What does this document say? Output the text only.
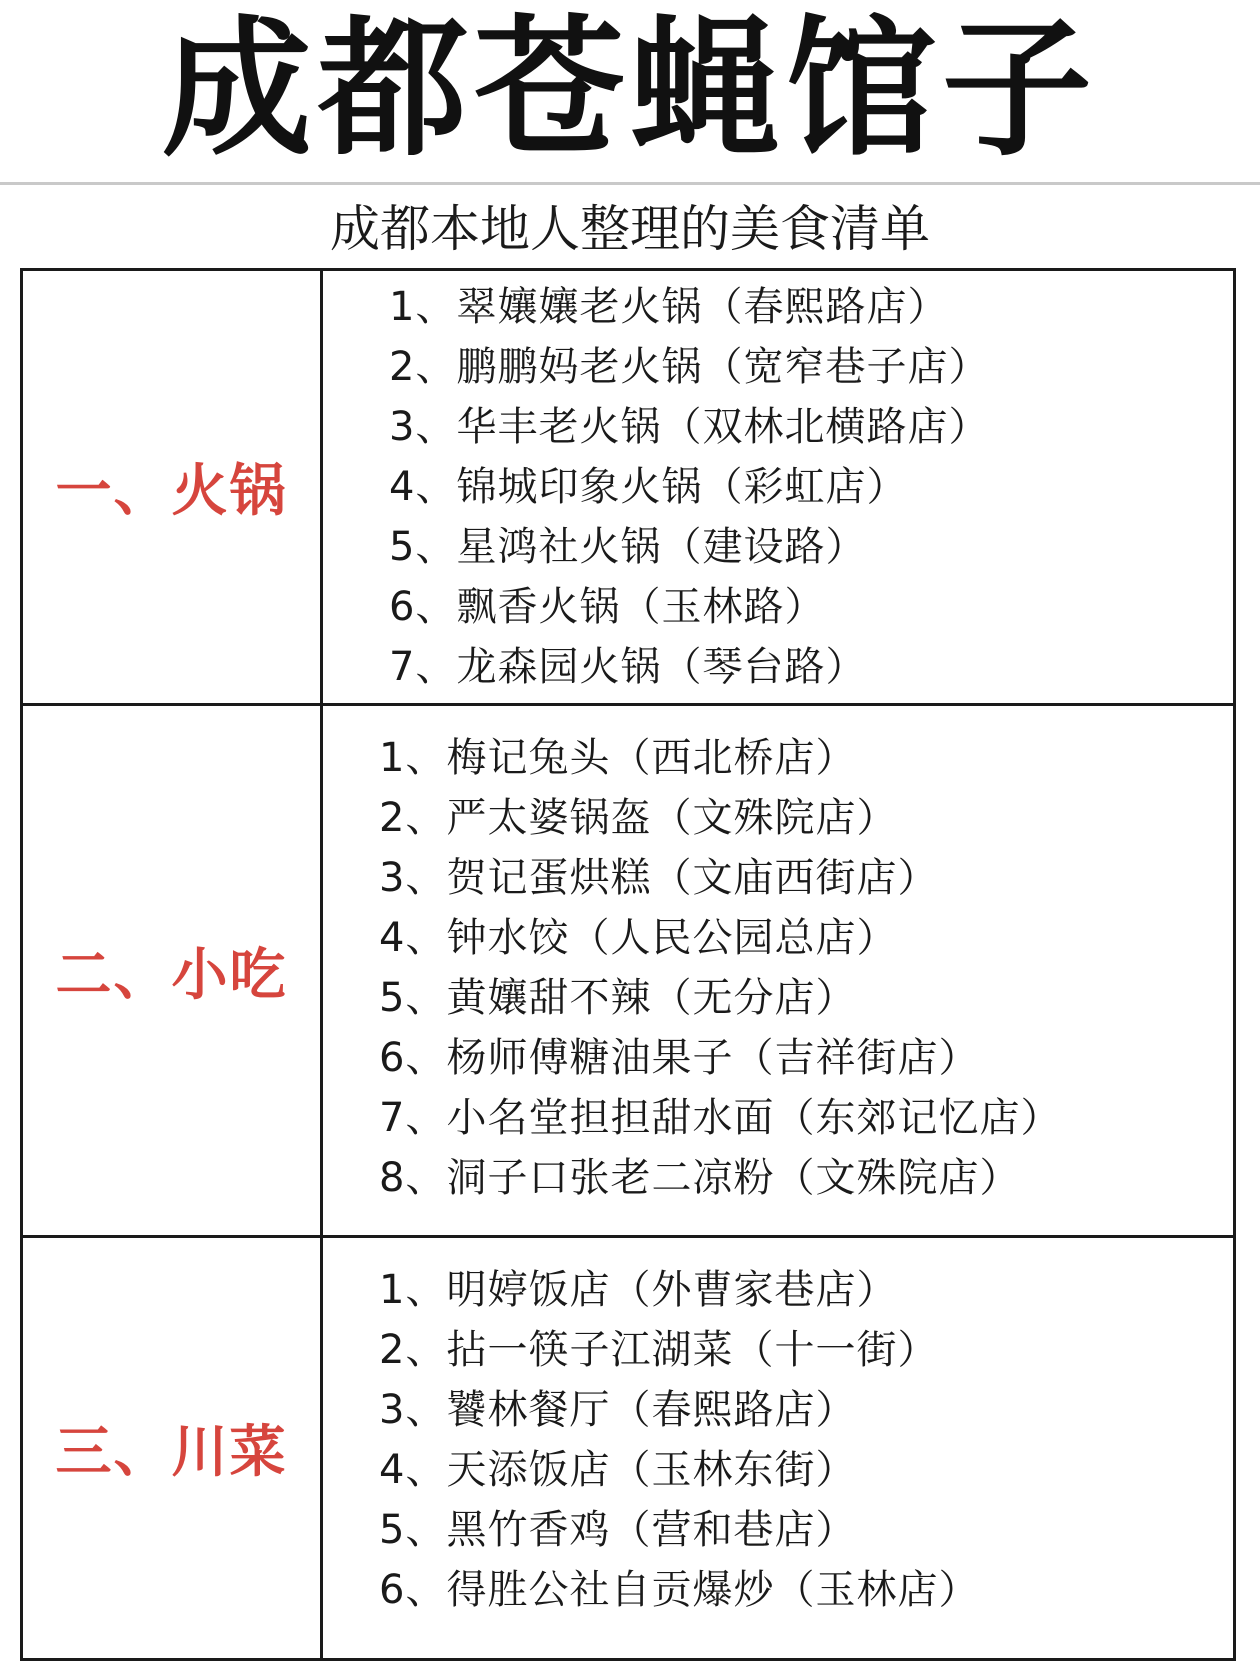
成都苍蝇馆子
成都本地人整理的美食清单
一、火锅
1、翠孃孃老火锅（春熙路店）
2、鹏鹏妈老火锅（宽窄巷子店）
3、华丰老火锅（双林北横路店）
4、锦城印象火锅（彩虹店）
5、星鸿社火锅（建设路）
6、飘香火锅（玉林路）
7、龙森园火锅（琴台路）
二、小吃
1、梅记兔头（西北桥店）
2、严太婆锅盔（文殊院店）
3、贺记蛋烘糕（文庙西街店）
4、钟水饺（人民公园总店）
5、黄孃甜不辣（无分店）
6、杨师傅糖油果子（吉祥街店）
7、小名堂担担甜水面（东郊记忆店）
8、洞子口张老二凉粉（文殊院店）
三、川菜
1、明婷饭店（外曹家巷店）
2、拈一筷子江湖菜（十一街）
3、饕林餐厅（春熙路店）
4、天添饭店（玉林东街）
5、黑竹香鸡（营和巷店）
6、得胜公社自贡爆炒（玉林店）
